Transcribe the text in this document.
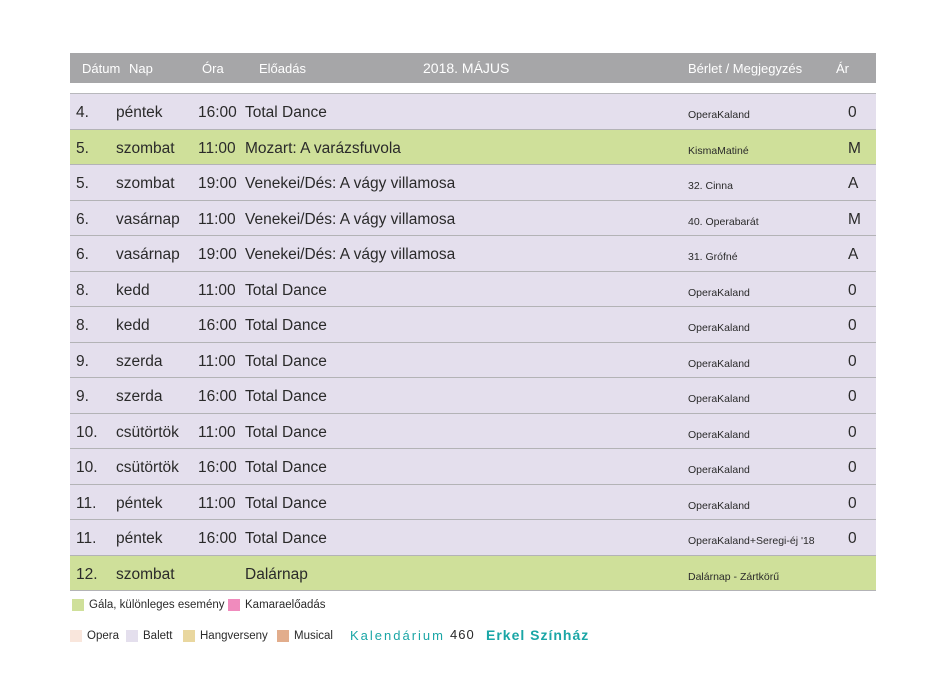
Dátum Nap	Óra	Előadás	2018. MÁJUS	Bérlet / Megjegyzés	Ár
4. péntek 16:00 Total Dance	OperaKaland	0
5. szombat 11:00 Mozart: A varázsfuvola	KismaMatiné	M
5. szombat 19:00 Venekei/Dés: A vágy villamosa	32. Cinna	A
6. vasárnap 11:00 Venekei/Dés: A vágy villamosa	40. Operabarát	M
6. vasárnap 19:00 Venekei/Dés: A vágy villamosa	31. Grófné	A
8. kedd	11:00 Total Dance	OperaKaland	0
8. kedd	16:00 Total Dance	OperaKaland	0
9. szerda 11:00 Total Dance	OperaKaland	0
9. szerda 16:00 Total Dance	OperaKaland	0
10. csütörtök 11:00 Total Dance	OperaKaland	0
10. csütörtök 16:00 Total Dance	OperaKaland	0
11. péntek 11:00 Total Dance	OperaKaland	0
11. péntek 16:00 Total Dance	OperaKaland+Seregi-éj '18 0
12. szombat	Dalárnap	Dalárnap - Zártkörű
Gála, különleges esemény Kamaraelőadás
Opera Balett Hangverseny Musical Kalendárium 460 Erkel Színház
